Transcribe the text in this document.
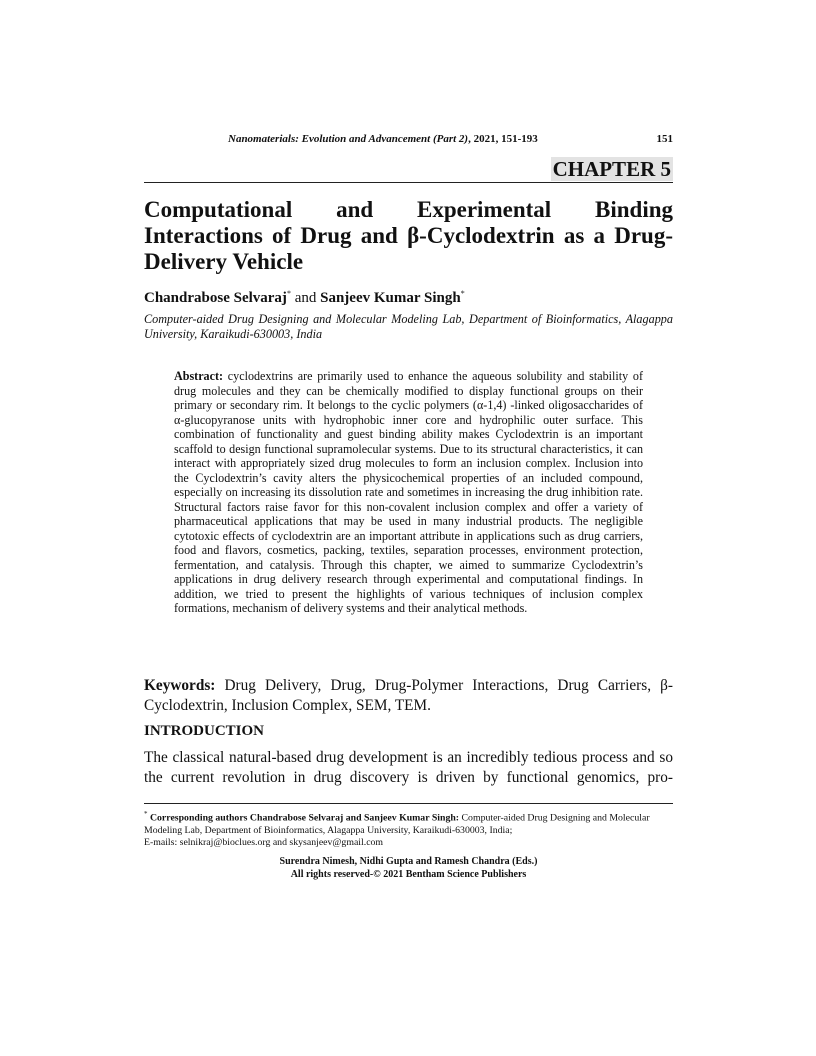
Nanomaterials: Evolution and Advancement (Part 2), 2021, 151-193	151
CHAPTER 5
Computational and Experimental Binding Interactions of Drug and β-Cyclodextrin as a Drug-Delivery Vehicle
Chandrabose Selvaraj* and Sanjeev Kumar Singh*
Computer-aided Drug Designing and Molecular Modeling Lab, Department of Bioinformatics, Alagappa University, Karaikudi-630003, India
Abstract: cyclodextrins are primarily used to enhance the aqueous solubility and stability of drug molecules and they can be chemically modified to display functional groups on their primary or secondary rim. It belongs to the cyclic polymers (α-1,4) -linked oligosaccharides of α-glucopyranose units with hydrophobic inner core and hydrophilic outer surface. This combination of functionality and guest binding ability makes Cyclodextrin is an important scaffold to design functional supramolecular systems. Due to its structural characteristics, it can interact with appropriately sized drug molecules to form an inclusion complex. Inclusion into the Cyclodextrin’s cavity alters the physicochemical properties of an included compound, especially on increasing its dissolution rate and sometimes in increasing the drug inhibition rate. Structural factors raise favor for this non-covalent inclusion complex and offer a variety of pharmaceutical applications that may be used in many industrial products. The negligible cytotoxic effects of cyclodextrin are an important attribute in applications such as drug carriers, food and flavors, cosmetics, packing, textiles, separation processes, environment protection, fermentation, and catalysis. Through this chapter, we aimed to summarize Cyclodextrin’s applications in drug delivery research through experimental and computational findings. In addition, we tried to present the highlights of various techniques of inclusion complex formations, mechanism of delivery systems and their analytical methods.
Keywords: Drug Delivery, Drug, Drug-Polymer Interactions, Drug Carriers, β-Cyclodextrin, Inclusion Complex, SEM, TEM.
INTRODUCTION
The classical natural-based drug development is an incredibly tedious process and so the current revolution in drug discovery is driven by functional genomics, pro-
* Corresponding authors Chandrabose Selvaraj and Sanjeev Kumar Singh: Computer-aided Drug Designing and Molecular Modeling Lab, Department of Bioinformatics, Alagappa University, Karaikudi-630003, India;
E-mails: selnikraj@bioclues.org and skysanjeev@gmail.com
Surendra Nimesh, Nidhi Gupta and Ramesh Chandra (Eds.)
All rights reserved-© 2021 Bentham Science Publishers
